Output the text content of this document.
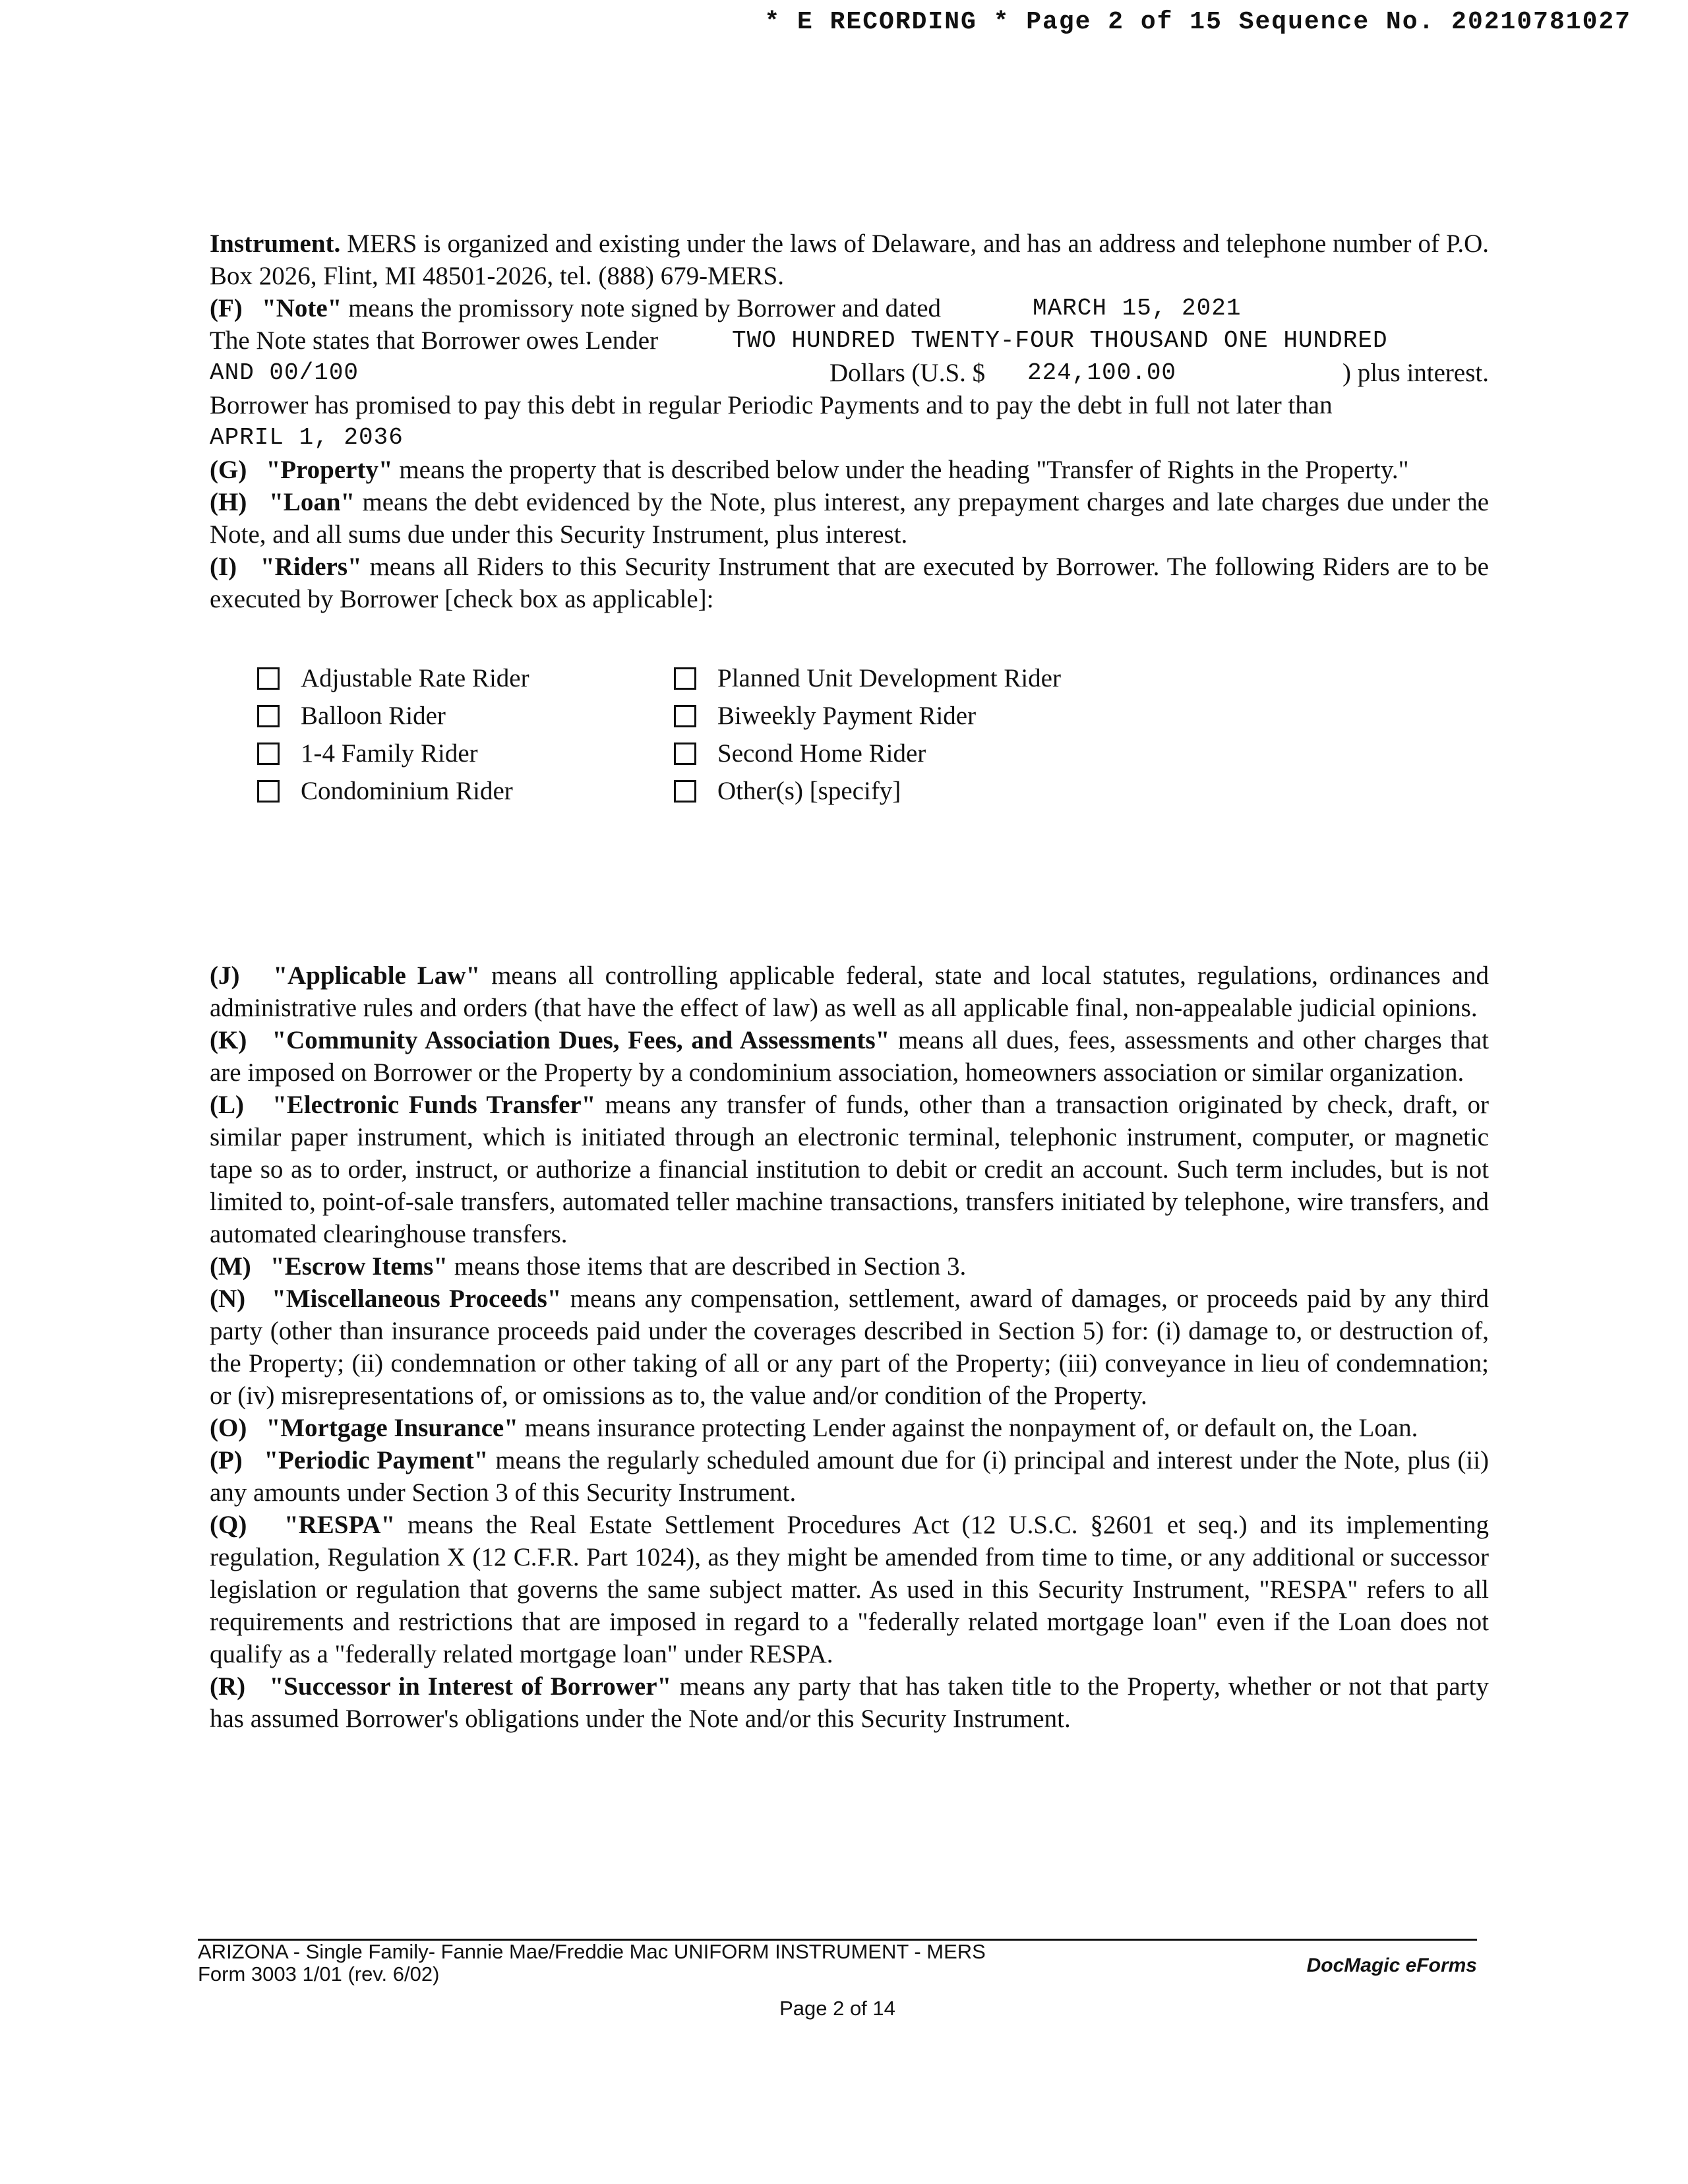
* E RECORDING * Page 2 of 15 Sequence No. 20210781027

Instrument. MERS is organized and existing under the laws of Delaware, and has an address and telephone number of P.O. Box 2026, Flint, MI 48501-2026, tel. (888) 679-MERS.

(F) "Note" means the promissory note signed by Borrower and dated	MARCH 15, 2021
The Note states that Borrower owes Lender	TWO HUNDRED TWENTY-FOUR THOUSAND ONE HUNDRED
AND 00/100	Dollars (U.S. $ 224,100.00	) plus interest.

Borrower has promised to pay this debt in regular Periodic Payments and to pay the debt in full not later than

APRIL 1, 2036

(G) "Property" means the property that is described below under the heading "Transfer of Rights in the Property."

(H) "Loan" means the debt evidenced by the Note, plus interest, any prepayment charges and late charges due under the Note, and all sums due under this Security Instrument, plus interest.

(I) "Riders" means all Riders to this Security Instrument that are executed by Borrower. The following Riders are to be executed by Borrower [check box as applicable]:

Adjustable Rate Rider	Planned Unit Development Rider
Balloon Rider	Biweekly Payment Rider
1-4 Family Rider	Second Home Rider
Condominium Rider	Other(s) [specify]

(J) "Applicable Law" means all controlling applicable federal, state and local statutes, regulations, ordinances and administrative rules and orders (that have the effect of law) as well as all applicable final, non-appealable judicial opinions.

(K) "Community Association Dues, Fees, and Assessments" means all dues, fees, assessments and other charges that are imposed on Borrower or the Property by a condominium association, homeowners association or similar organization.

(L) "Electronic Funds Transfer" means any transfer of funds, other than a transaction originated by check, draft, or similar paper instrument, which is initiated through an electronic terminal, telephonic instrument, computer, or magnetic tape so as to order, instruct, or authorize a financial institution to debit or credit an account. Such term includes, but is not limited to, point-of-sale transfers, automated teller machine transactions, transfers initiated by telephone, wire transfers, and automated clearinghouse transfers.

(M) "Escrow Items" means those items that are described in Section 3.

(N) "Miscellaneous Proceeds" means any compensation, settlement, award of damages, or proceeds paid by any third party (other than insurance proceeds paid under the coverages described in Section 5) for: (i) damage to, or destruction of, the Property; (ii) condemnation or other taking of all or any part of the Property; (iii) conveyance in lieu of condemnation; or (iv) misrepresentations of, or omissions as to, the value and/or condition of the Property.

(O) "Mortgage Insurance" means insurance protecting Lender against the nonpayment of, or default on, the Loan.

(P) "Periodic Payment" means the regularly scheduled amount due for (i) principal and interest under the Note, plus (ii) any amounts under Section 3 of this Security Instrument.

(Q) "RESPA" means the Real Estate Settlement Procedures Act (12 U.S.C. §2601 et seq.) and its implementing regulation, Regulation X (12 C.F.R. Part 1024), as they might be amended from time to time, or any additional or successor legislation or regulation that governs the same subject matter. As used in this Security Instrument, "RESPA" refers to all requirements and restrictions that are imposed in regard to a "federally related mortgage loan" even if the Loan does not qualify as a "federally related mortgage loan" under RESPA.

(R) "Successor in Interest of Borrower" means any party that has taken title to the Property, whether or not that party has assumed Borrower's obligations under the Note and/or this Security Instrument.

ARIZONA - Single Family- Fannie Mae/Freddie Mac UNIFORM INSTRUMENT - MERS
Form 3003 1/01 (rev. 6/02)	DocMagic eForms
Page 2 of 14
